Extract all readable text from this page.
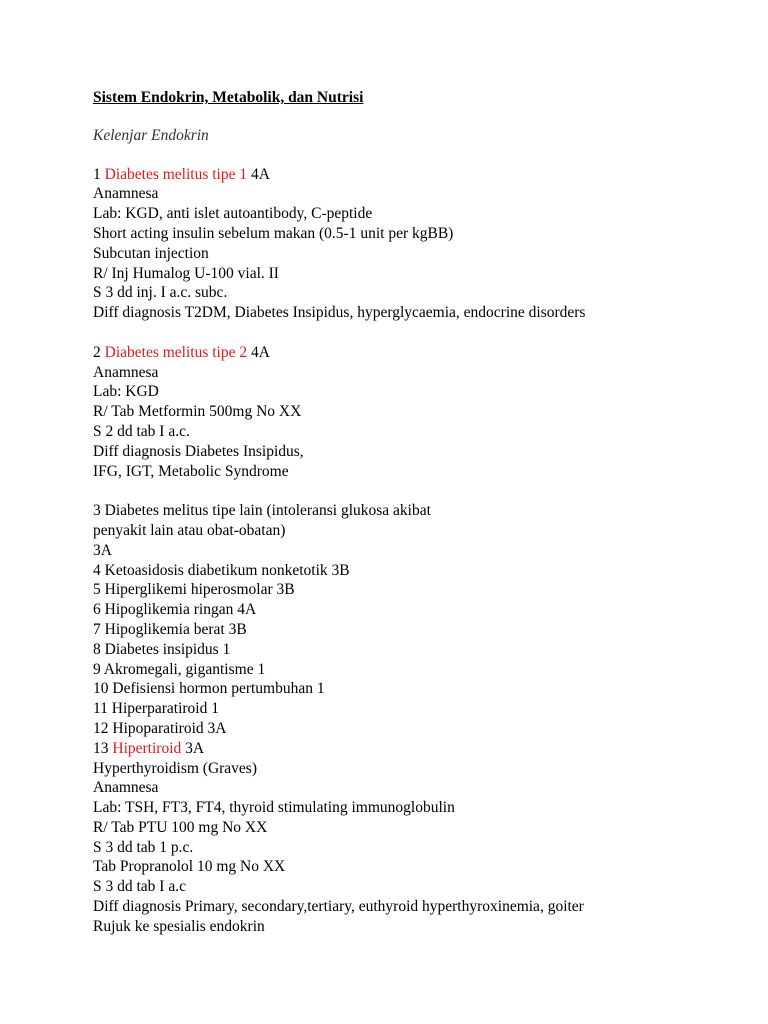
Sistem Endokrin, Metabolik, dan Nutrisi

Kelenjar Endokrin

1 Diabetes melitus tipe 1 4A

Anamnesa

Lab: KGD, anti islet autoantibody, C-peptide

Short acting insulin sebelum makan (0.5-1 unit per kgBB)

Subcutan injection

R/ Inj Humalog U-100 vial. II

S 3 dd inj. I a.c. subc.

Diff diagnosis T2DM, Diabetes Insipidus, hyperglycaemia, endocrine disorders

2 Diabetes melitus tipe 2 4A

Anamnesa

Lab: KGD

R/ Tab Metformin 500mg No XX

S 2 dd tab I a.c.

Diff diagnosis Diabetes Insipidus,

IFG, IGT, Metabolic Syndrome

3 Diabetes melitus tipe lain (intoleransi glukosa akibat

penyakit lain atau obat-obatan)

3A

4 Ketoasidosis diabetikum nonketotik 3B

5 Hiperglikemi hiperosmolar 3B

6 Hipoglikemia ringan 4A

7 Hipoglikemia berat 3B

8 Diabetes insipidus 1

9 Akromegali, gigantisme 1

10 Defisiensi hormon pertumbuhan 1

11 Hiperparatiroid 1

12 Hipoparatiroid 3A

13 Hipertiroid 3A

Hyperthyroidism (Graves)

Anamnesa

Lab: TSH, FT3, FT4, thyroid stimulating immunoglobulin

R/ Tab PTU 100 mg No XX

S 3 dd tab 1 p.c.

Tab Propranolol 10 mg No XX

S 3 dd tab I a.c

Diff diagnosis Primary, secondary,tertiary, euthyroid hyperthyroxinemia, goiter

Rujuk ke spesialis endokrin
